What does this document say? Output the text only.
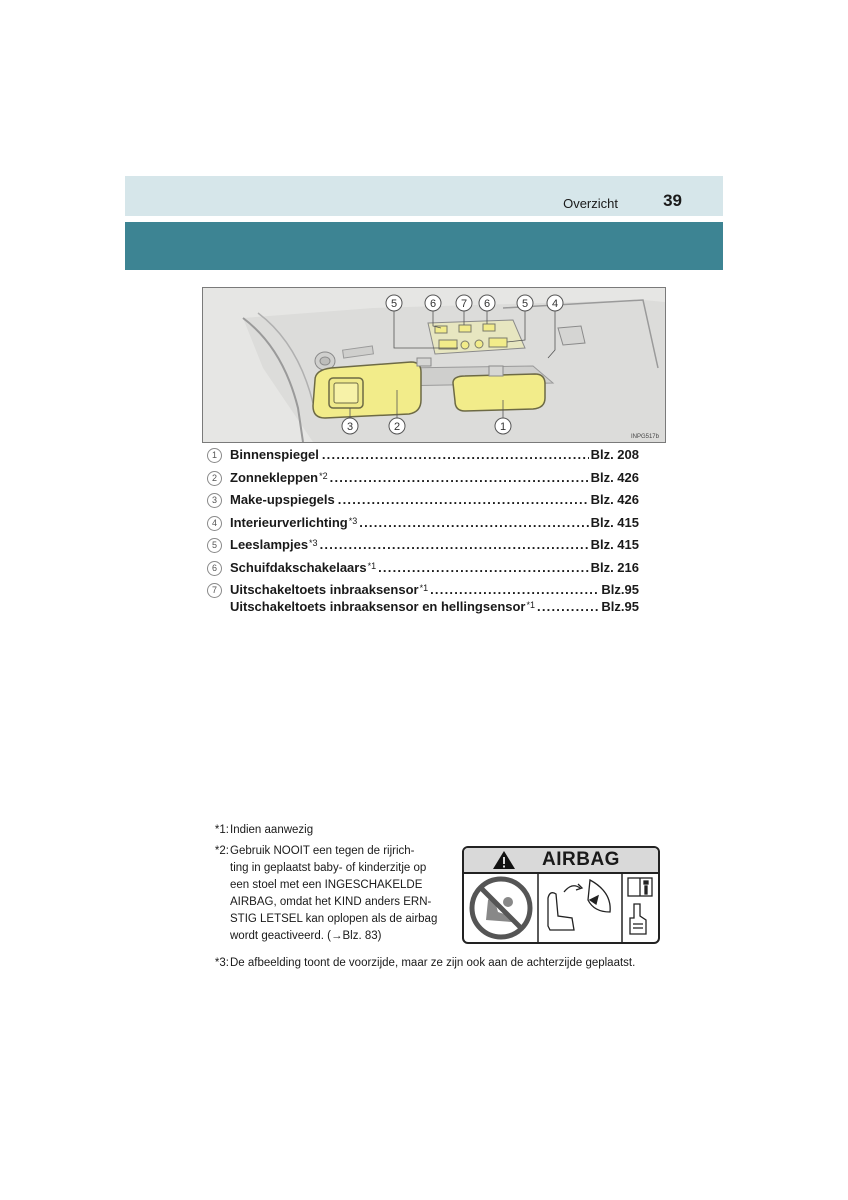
Overzicht	39
5	6 7 6	5 4
3	2	1
INPG517b
1	Binnenspiegel . . .	Blz. 208
2	Zonnekleppen$^{*2}$ . . .	Blz. 426
3	Make-upspiegels . . .	Blz. 426
4	Interieurverlichting$^{*3}$ . . .	Blz. 415
5	Leeslampjes$^{*3}$ . . .	Blz. 415
6	Schuifdakschakelaars$^{*1}$ . . .	Blz. 216
7	Uitschakeltoets inbraaksensor$^{*1}$ . . .	Blz.95
Uitschakeltoets inbraaksensor en hellingsensor$^{*1}$ . . .	Blz.95
*1: Indien aanwezig
*2: Gebruik NOOIT een tegen de rijrich-
ting in geplaatst baby- of kinderzitje op
een stoel met een INGESCHAKELDE
AIRBAG, omdat het KIND anders ERN-
STIG LETSEL kan oplopen als de airbag
wordt geactiveerd. (→Blz. 83)
*3: De afbeelding toont de voorzijde, maar ze zijn ook aan de achterzijde geplaatst.
AIRBAG
